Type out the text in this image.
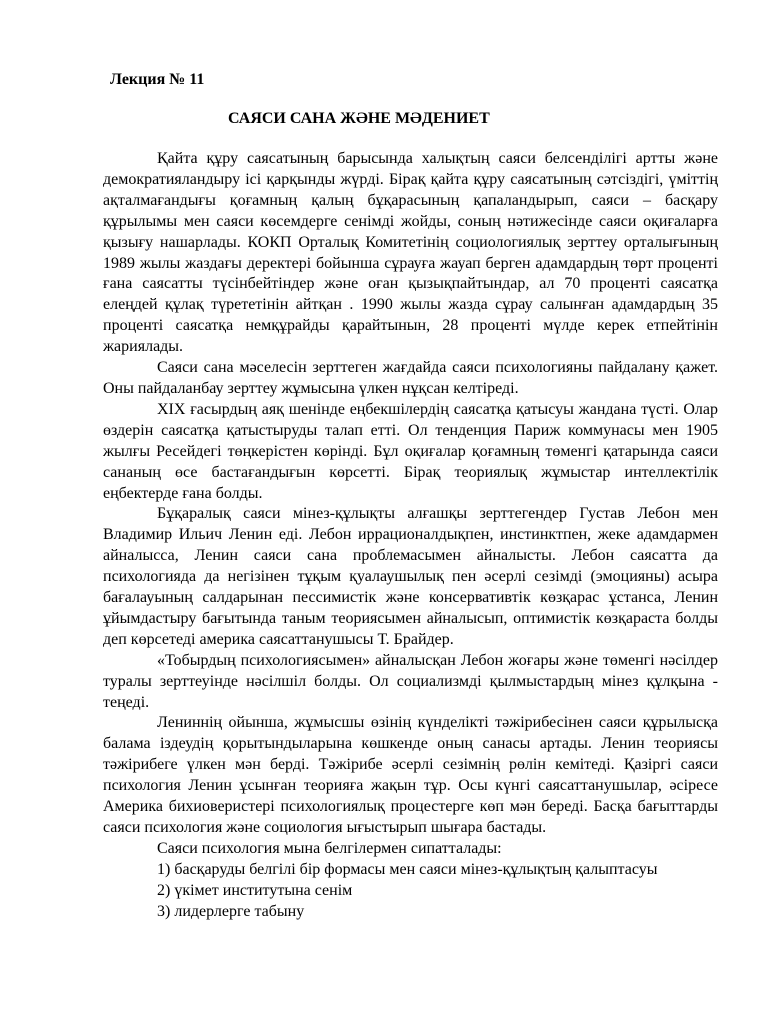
Лекция № 11
САЯСИ САНА ЖӘНЕ МӘДЕНИЕТ

Қайта құру саясатының барысында халықтың саяси белсенділігі артты және демократияландыру ісі қарқынды жүрді. Бірақ қайта құру саясатының сәтсіздігі, үміттің ақталмағандығы қоғамның қалың бұқарасының қапаландырып, саяси – басқару құрылымы мен саяси көсемдерге сенімді жойды, соның нәтижесінде саяси оқиғаларға қызығу нашарлады. КОКП Орталық Комитетінің социологиялық зерттеу орталығының 1989 жылы жаздағы деректері бойынша сұрауға жауап берген адамдардың төрт проценті ғана саясатты түсінбейтіндер және оған қызықпайтындар, ал 70 проценті саясатқа елеңдей құлақ түрететінін айтқан . 1990 жылы жазда сұрау салынған адамдардың 35 проценті саясатқа немқұрайды қарайтынын, 28 проценті мүлде керек етпейтінін жариялады.

Саяси сана мәселесін зерттеген жағдайда саяси психологияны пайдалану қажет. Оны пайдаланбау зерттеу жұмысына үлкен нұқсан келтіреді.

XIX ғасырдың аяқ шенінде еңбекшілердің саясатқа қатысуы жандана түсті. Олар өздерін саясатқа қатыстыруды талап етті. Ол тенденция Париж коммунасы мен 1905 жылғы Ресейдегі төңкерістен көрінді. Бұл оқиғалар қоғамның төменгі қатарында саяси сананың өсе бастағандығын көрсетті. Бірақ теориялық жұмыстар интеллектілік еңбектерде ғана болды.

Бұқаралық саяси мінез-құлықты алғашқы зерттегендер Густав Лебон мен Владимир Ильич Ленин еді. Лебон иррационалдықпен, инстинктпен, жеке адамдармен айналысса, Ленин саяси сана проблемасымен айналысты. Лебон саясатта да психологияда да негізінен тұқым қуалаушылық пен әсерлі сезімді (эмоцияны) асыра бағалауының салдарынан пессимистік және консервативтік көзқарас ұстанса, Ленин ұйымдастыру бағытында таным теориясымен айналысып, оптимистік көзқараста болды деп көрсетеді америка саясаттанушысы Т. Брайдер.

«Тобырдың психологиясымен» айналысқан Лебон жоғары және төменгі нәсілдер туралы зерттеуінде нәсілшіл болды. Ол социализмді қылмыстардың мінез құлқына - теңеді.

Лениннің ойынша, жұмысшы өзінің күнделікті тәжірибесінен саяси құрылысқа балама іздеудің қорытындыларына көшкенде оның санасы артады. Ленин теориясы тәжірибеге үлкен мән берді. Тәжірибе әсерлі сезімнің рөлін кемітеді. Қазіргі саяси психология Ленин ұсынған теорияға жақын тұр. Осы күнгі саясаттанушылар, әсіресе Америка бихиоверистері психологиялық процестерге көп мән береді. Басқа бағыттарды саяси психология және социология ығыстырып шығара бастады.

Саяси психология мына белгілермен сипатталады:

1) басқаруды белгілі бір формасы мен саяси мінез-құлықтың қалыптасуы

2) үкімет институтына сенім

3) лидерлерге табыну
